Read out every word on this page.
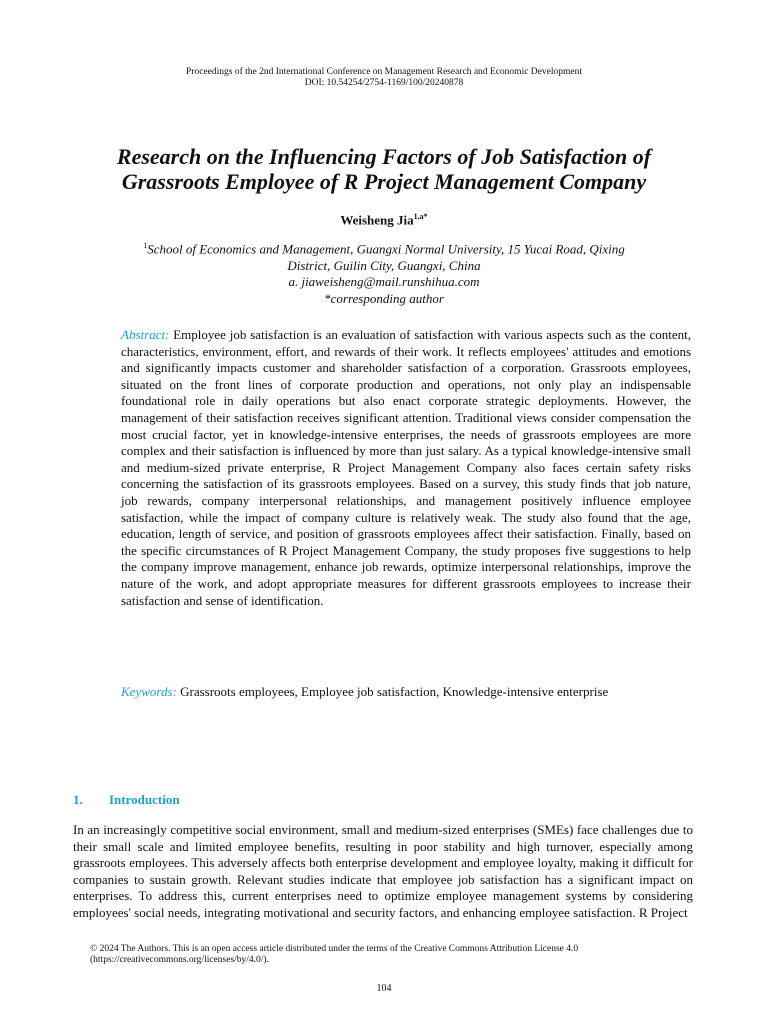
Proceedings of the 2nd International Conference on Management Research and Economic Development
DOI: 10.54254/2754-1169/100/20240878
Research on the Influencing Factors of Job Satisfaction of
Grassroots Employee of R Project Management Company
Weisheng Jia$^{1,a*}$
$^1$School of Economics and Management, Guangxi Normal University, 15 Yucai Road, Qixing
District, Guilin City, Guangxi, China
a. jiaweisheng@mail.runshihua.com
*corresponding author
Abstract: Employee job satisfaction is an evaluation of satisfaction with various aspects such as the content, characteristics, environment, effort, and rewards of their work. It reflects employees' attitudes and emotions and significantly impacts customer and shareholder satisfaction of a corporation. Grassroots employees, situated on the front lines of corporate production and operations, not only play an indispensable foundational role in daily operations but also enact corporate strategic deployments. However, the management of their satisfaction receives significant attention. Traditional views consider compensation the most crucial factor, yet in knowledge-intensive enterprises, the needs of grassroots employees are more complex and their satisfaction is influenced by more than just salary. As a typical knowledge-intensive small and medium-sized private enterprise, R Project Management Company also faces certain safety risks concerning the satisfaction of its grassroots employees. Based on a survey, this study finds that job nature, job rewards, company interpersonal relationships, and management positively influence employee satisfaction, while the impact of company culture is relatively weak. The study also found that the age, education, length of service, and position of grassroots employees affect their satisfaction. Finally, based on the specific circumstances of R Project Management Company, the study proposes five suggestions to help the company improve management, enhance job rewards, optimize interpersonal relationships, improve the nature of the work, and adopt appropriate measures for different grassroots employees to increase their satisfaction and sense of identification.
Keywords: Grassroots employees, Employee job satisfaction, Knowledge-intensive enterprise
1. Introduction
In an increasingly competitive social environment, small and medium-sized enterprises (SMEs) face challenges due to their small scale and limited employee benefits, resulting in poor stability and high turnover, especially among grassroots employees. This adversely affects both enterprise development and employee loyalty, making it difficult for companies to sustain growth. Relevant studies indicate that employee job satisfaction has a significant impact on enterprises. To address this, current enterprises need to optimize employee management systems by considering employees' social needs, integrating motivational and security factors, and enhancing employee satisfaction. R Project
© 2024 The Authors. This is an open access article distributed under the terms of the Creative Commons Attribution License 4.0
(https://creativecommons.org/licenses/by/4.0/).
104
